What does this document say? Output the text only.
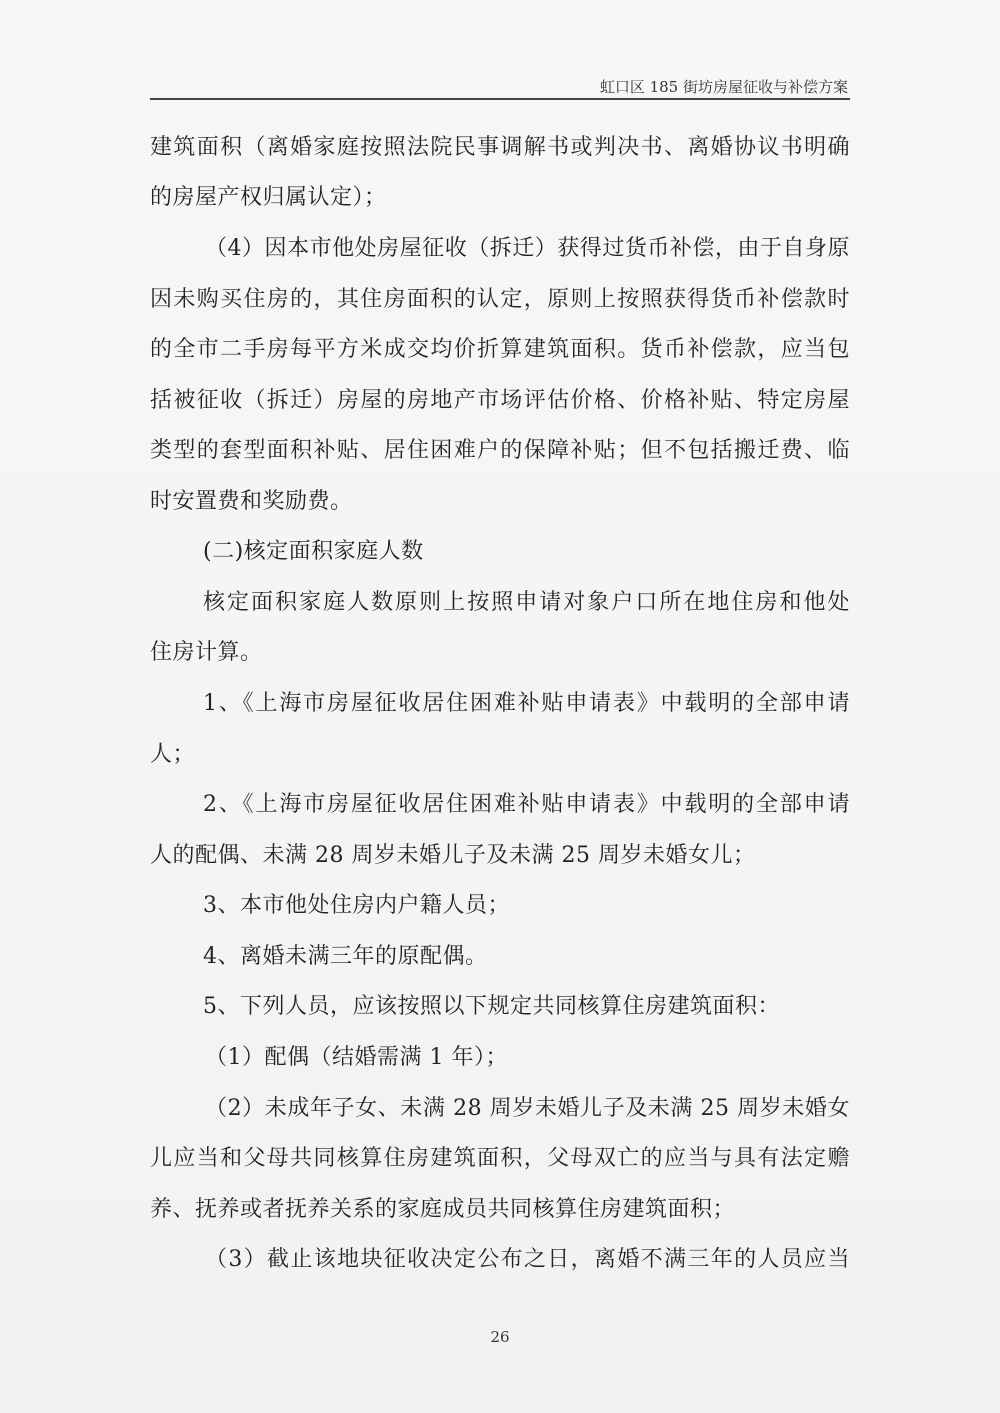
虹口区 185 街坊房屋征收与补偿方案
建筑面积（离婚家庭按照法院民事调解书或判决书、离婚协议书明确
的房屋产权归属认定）；
（4）因本市他处房屋征收（拆迁）获得过货币补偿，由于自身原
因未购买住房的，其住房面积的认定，原则上按照获得货币补偿款时
的全市二手房每平方米成交均价折算建筑面积。货币补偿款，应当包
括被征收（拆迁）房屋的房地产市场评估价格、价格补贴、特定房屋
类型的套型面积补贴、居住困难户的保障补贴；但不包括搬迁费、临
时安置费和奖励费。
(二)核定面积家庭人数
核定面积家庭人数原则上按照申请对象户口所在地住房和他处
住房计算。
1、《上海市房屋征收居住困难补贴申请表》中载明的全部申请
人；
2、《上海市房屋征收居住困难补贴申请表》中载明的全部申请
人的配偶、未满 28 周岁未婚儿子及未满 25 周岁未婚女儿；
3、本市他处住房内户籍人员；
4、离婚未满三年的原配偶。
5、下列人员，应该按照以下规定共同核算住房建筑面积：
（1）配偶（结婚需满 1 年）；
（2）未成年子女、未满 28 周岁未婚儿子及未满 25 周岁未婚女
儿应当和父母共同核算住房建筑面积，父母双亡的应当与具有法定赡
养、抚养或者抚养关系的家庭成员共同核算住房建筑面积；
（3）截止该地块征收决定公布之日，离婚不满三年的人员应当
26
